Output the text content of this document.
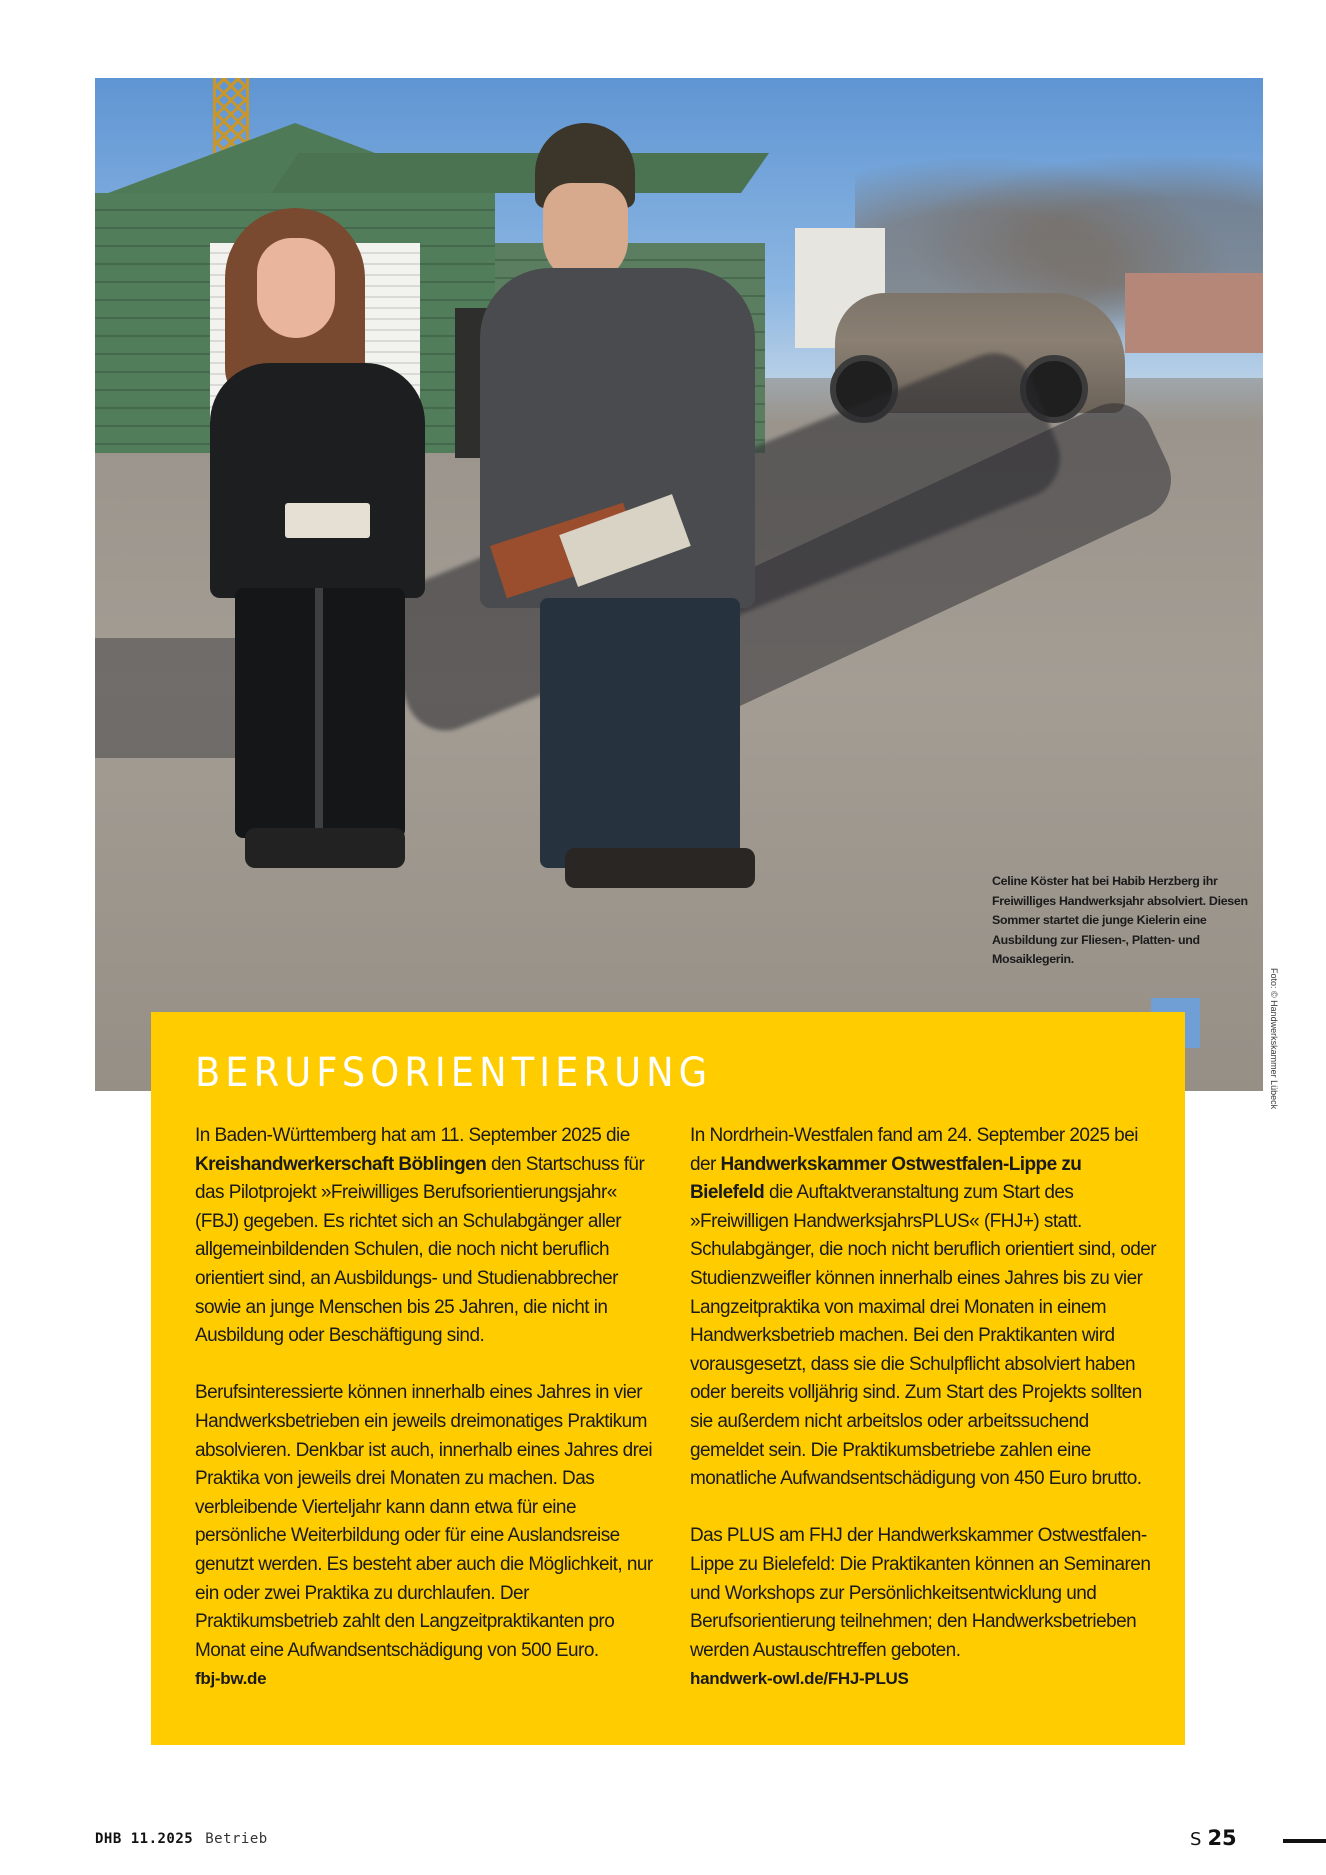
Celine Köster hat bei Habib Herzberg ihr Freiwilliges Handwerksjahr absolviert. Diesen Sommer startet die junge Kielerin eine Ausbildung zur Fliesen-, Platten- und Mosaiklegerin.
Foto: © Handwerkskammer Lübeck
BERUFSORIENTIERUNG

In Baden-Württemberg hat am 11. September 2025 die Kreishandwerkerschaft Böblingen den Startschuss für das Pilotprojekt »Freiwilliges Berufsorientierungsjahr« (FBJ) gegeben. Es richtet sich an Schulabgänger aller allgemeinbildenden Schulen, die noch nicht beruflich orientiert sind, an Ausbildungs- und Studienabbrecher sowie an junge Menschen bis 25 Jahren, die nicht in Ausbildung oder Beschäftigung sind.

Berufsinteressierte können innerhalb eines Jahres in vier Handwerksbetrieben ein jeweils dreimonatiges Praktikum absolvieren. Denkbar ist auch, innerhalb eines Jahres drei Praktika von jeweils drei Monaten zu machen. Das verbleibende Vierteljahr kann dann etwa für eine persönliche Weiterbildung oder für eine Auslandsreise genutzt werden. Es besteht aber auch die Möglichkeit, nur ein oder zwei Praktika zu durchlaufen. Der Praktikumsbetrieb zahlt den Langzeitpraktikanten pro Monat eine Aufwandsentschädigung von 500 Euro.

fbj-bw.de

In Nordrhein-Westfalen fand am 24. September 2025 bei der Handwerkskammer Ostwestfalen-Lippe zu Bielefeld die Auftaktveranstaltung zum Start des »Freiwilligen HandwerksjahrsPLUS« (FHJ+) statt. Schulabgänger, die noch nicht beruflich orientiert sind, oder Studienzweifler können innerhalb eines Jahres bis zu vier Langzeitpraktika von maximal drei Monaten in einem Handwerksbetrieb machen. Bei den Praktikanten wird vorausgesetzt, dass sie die Schulpflicht absolviert haben oder bereits volljährig sind. Zum Start des Projekts sollten sie außerdem nicht arbeitslos oder arbeitssuchend gemeldet sein. Die Praktikumsbetriebe zahlen eine monatliche Aufwandsentschädigung von 450 Euro brutto.

Das PLUS am FHJ der Handwerkskammer Ostwestfalen-Lippe zu Bielefeld: Die Praktikanten können an Seminaren und Workshops zur Persönlichkeitsentwicklung und Berufsorientierung teilnehmen; den Handwerksbetrieben werden Austauschtreffen geboten.

handwerk-owl.de/FHJ-PLUS
DHB 11.2025 Betrieb	S 25
